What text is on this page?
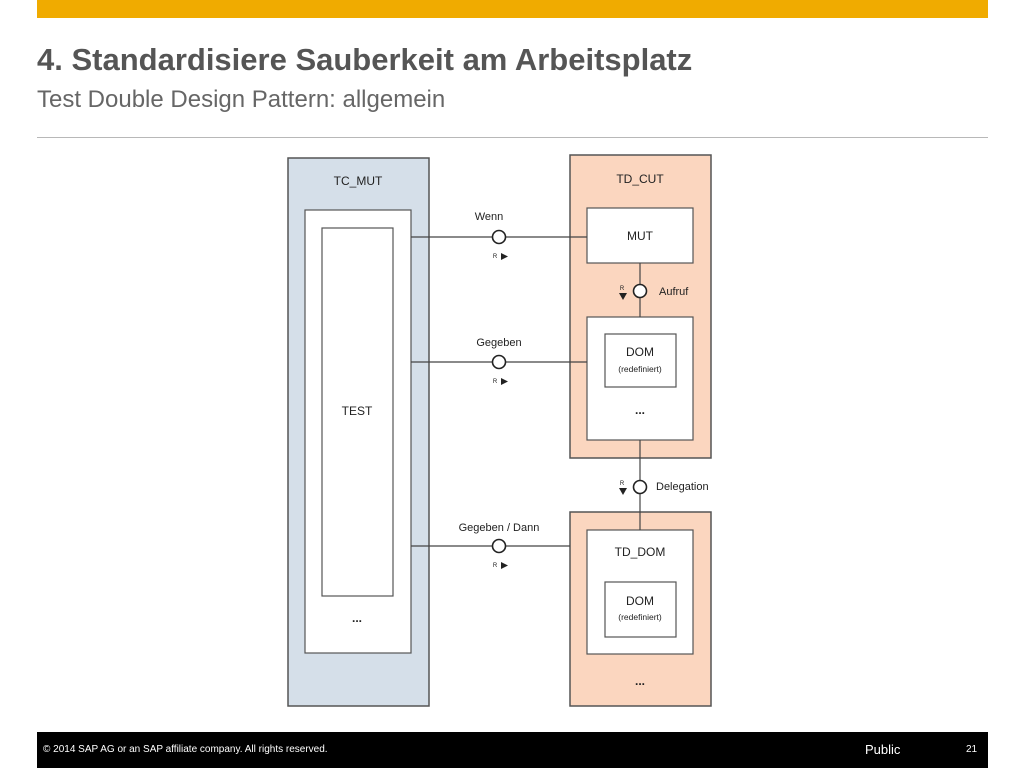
4. Standardisiere Sauberkeit am Arbeitsplatz
Test Double Design Pattern: allgemein
TC_MUT
TEST
...
TD_CUT
MUT
DOM
(redefiniert)
...
TD_DOM
DOM
(redefiniert)
...
Wenn
R
Gegeben
R
Gegeben / Dann
R
Aufruf
R
Delegation
R
© 2014 SAP AG or an SAP affiliate company. All rights reserved.	Public	21
